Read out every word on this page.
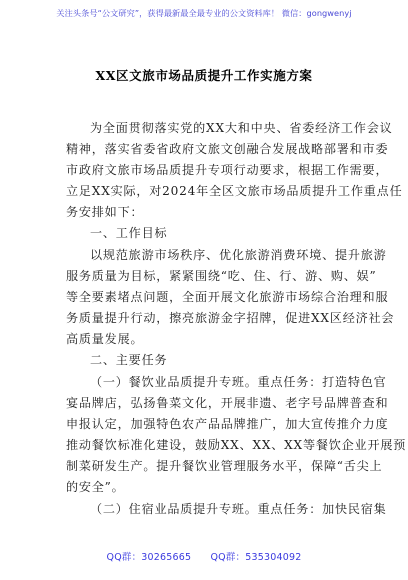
关注头条号“公文研究”，获得最新最全最专业的公文资料库！ 微信：gongwenyj
XX区文旅市场品质提升工作实施方案

为全面贯彻落实党的XX大和中央、省委经济工作会议

精神，落实省委省政府文旅文创融合发展战略部署和市委

市政府文旅市场品质提升专项行动要求，根据工作需要，

立足XX实际，对2024年全区文旅市场品质提升工作重点任

务安排如下：

一、工作目标

以规范旅游市场秩序、优化旅游消费环境、提升旅游

服务质量为目标，紧紧围绕“吃、住、行、游、购、娱”

等全要素堵点问题，全面开展文化旅游市场综合治理和服

务质量提升行动，擦亮旅游金字招牌，促进XX区经济社会

高质量发展。

二、主要任务

（一）餐饮业品质提升专班。重点任务：打造特色官

宴品牌店，弘扬鲁菜文化，开展非遗、老字号品牌普查和

申报认定，加强特色农产品品牌推广，加大宣传推介力度

推动餐饮标准化建设，鼓励XX、XX、XX等餐饮企业开展预

制菜研发生产。提升餐饮业管理服务水平，保障“舌尖上

的安全”。

（二）住宿业品质提升专班。重点任务：加快民宿集

QQ群：30265665 QQ群：535304092
